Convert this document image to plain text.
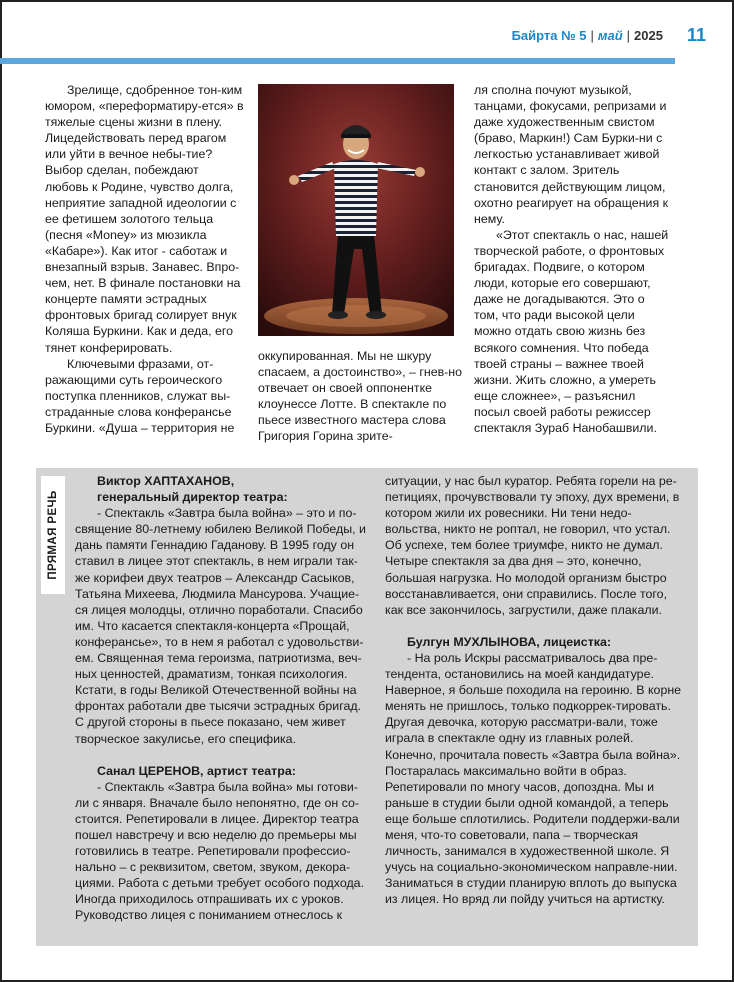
Байрта № 5 | май | 2025 11

Зрелище, сдобренное тон-ким юмором, «переформатиру-ется» в тяжелые сцены жизни в плену. Лицедействовать перед врагом или уйти в вечное небы-тие? Выбор сделан, побеждают любовь к Родине, чувство долга, неприятие западной идеологии с ее фетишем золотого тельца (песня «Money» из мюзикла «Кабаре»). Как итог - саботаж и внезапный взрыв. Занавес. Впро-чем, нет. В финале постановки на концерте памяти эстрадных фронтовых бригад солирует внук Коляша Буркини. Как и деда, его тянет конферировать.

Ключевыми фразами, от-ражающими суть героического поступка пленников, служат вы-страданные слова конферансье Буркини. «Душа – территория не

оккупированная. Мы не шкуру спасаем, а достоинство», – гнев-но отвечает он своей оппонентке клоунессе Лотте. В спектакле по пьесе известного мастера слова Григория Горина зрите-

ля сполна почуют музыкой, танцами, фокусами, репризами и даже художественным свистом (браво, Маркин!) Сам Бурки-ни с легкостью устанавливает живой контакт с залом. Зритель становится действующим лицом, охотно реагирует на обращения к нему.

«Этот спектакль о нас, нашей творческой работе, о фронтовых бригадах. Подвиге, о котором люди, которые его совершают, даже не догадываются. Это о том, что ради высокой цели можно отдать свою жизнь без всякого сомнения. Что победа твоей страны – важнее твоей жизни. Жить сложно, а умереть еще сложнее», – разъяснил посыл своей работы режиссер спектакля Зураб Нанобашвили.

ПРЯМАЯ РЕЧЬ

Виктор ХАПТАХАНОВ,

генеральный директор театра:

- Спектакль «Завтра была война» – это и по-священие 80-летнему юбилею Великой Победы, и дань памяти Геннадию Гаданову. В 1995 году он ставил в лицее этот спектакль, в нем играли так-же корифеи двух театров – Александр Сасыков, Татьяна Михеева, Людмила Мансурова. Учащие-ся лицея молодцы, отлично поработали. Спасибо им. Что касается спектакля-концерта «Прощай, конферансье», то в нем я работал с удовольстви-ем. Священная тема героизма, патриотизма, веч-ных ценностей, драматизм, тонкая психология. Кстати, в годы Великой Отечественной войны на фронтах работали две тысячи эстрадных бригад. С другой стороны в пьесе показано, чем живет творческое закулисье, его специфика.

Санал ЦЕРЕНОВ, артист театра:

- Спектакль «Завтра была война» мы готови-ли с января. Вначале было непонятно, где он со-стоится. Репетировали в лицее. Директор театра пошел навстречу и всю неделю до премьеры мы готовились в театре. Репетировали профессио-нально – с реквизитом, светом, звуком, декора-циями. Работа с детьми требует особого подхода. Иногда приходилось отпрашивать их с уроков. Руководство лицея с пониманием отнеслось к

ситуации, у нас был куратор. Ребята горели на ре-петициях, прочувствовали ту эпоху, дух времени, в котором жили их ровесники. Ни тени недо-вольства, никто не роптал, не говорил, что устал. Об успехе, тем более триумфе, никто не думал. Четыре спектакля за два дня – это, конечно, большая нагрузка. Но молодой организм быстро восстанавливается, они справились. После того, как все закончилось, загрустили, даже плакали.

Булгун МУХЛЫНОВА, лицеистка:

- На роль Искры рассматривалось два пре-тендента, остановились на моей кандидатуре. Наверное, я больше походила на героиню. В корне менять не пришлось, только подкоррек-тировать. Другая девочка, которую рассматри-вали, тоже играла в спектакле одну из главных ролей. Конечно, прочитала повесть «Завтра была война». Постаралась максимально войти в образ. Репетировали по многу часов, допоздна. Мы и раньше в студии были одной командой, а теперь еще больше сплотились. Родители поддержи-вали меня, что-то советовали, папа – творческая личность, занимался в художественной школе. Я учусь на социально-экономическом направле-нии. Заниматься в студии планирую вплоть до выпуска из лицея. Но вряд ли пойду учиться на артистку.
